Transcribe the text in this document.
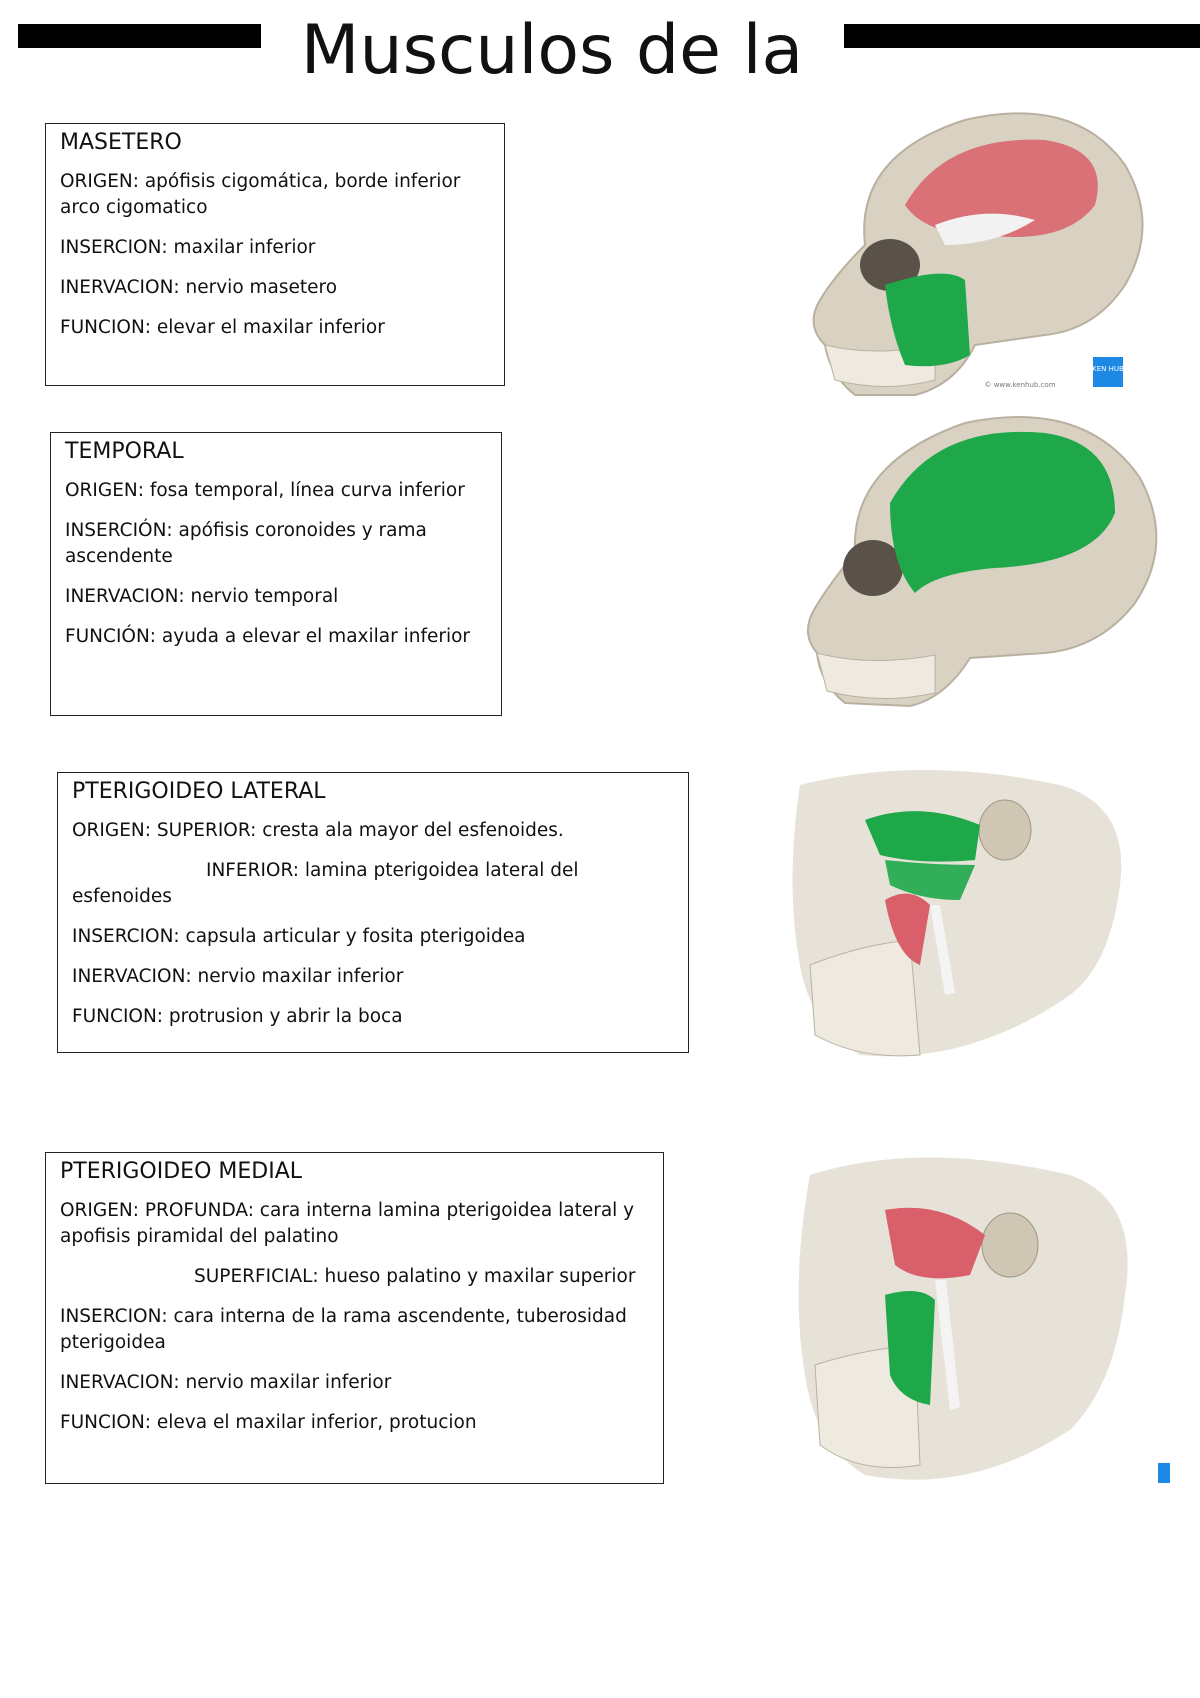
Musculos de la
MASETERO

ORIGEN: apófisis cigomática, borde inferior arco cigomatico

INSERCION: maxilar inferior

INERVACION: nervio masetero

FUNCION: elevar el maxilar inferior

TEMPORAL

ORIGEN: fosa temporal, línea curva inferior

INSERCIÓN: apófisis coronoides y rama ascendente

INERVACION: nervio temporal

FUNCIÓN: ayuda a elevar el maxilar inferior

PTERIGOIDEO LATERAL

ORIGEN: SUPERIOR: cresta ala mayor del esfenoides.

INFERIOR: lamina pterigoidea lateral del esfenoides

INSERCION: capsula articular y fosita pterigoidea

INERVACION: nervio maxilar inferior

FUNCION: protrusion y abrir la boca

PTERIGOIDEO MEDIAL

ORIGEN: PROFUNDA: cara interna lamina pterigoidea lateral y apofisis piramidal del palatino

SUPERFICIAL: hueso palatino y maxilar superior

INSERCION: cara interna de la rama ascendente, tuberosidad pterigoidea

INERVACION: nervio maxilar inferior

FUNCION: eleva el maxilar inferior, protucion

KEN HUB
© www.kenhub.com
